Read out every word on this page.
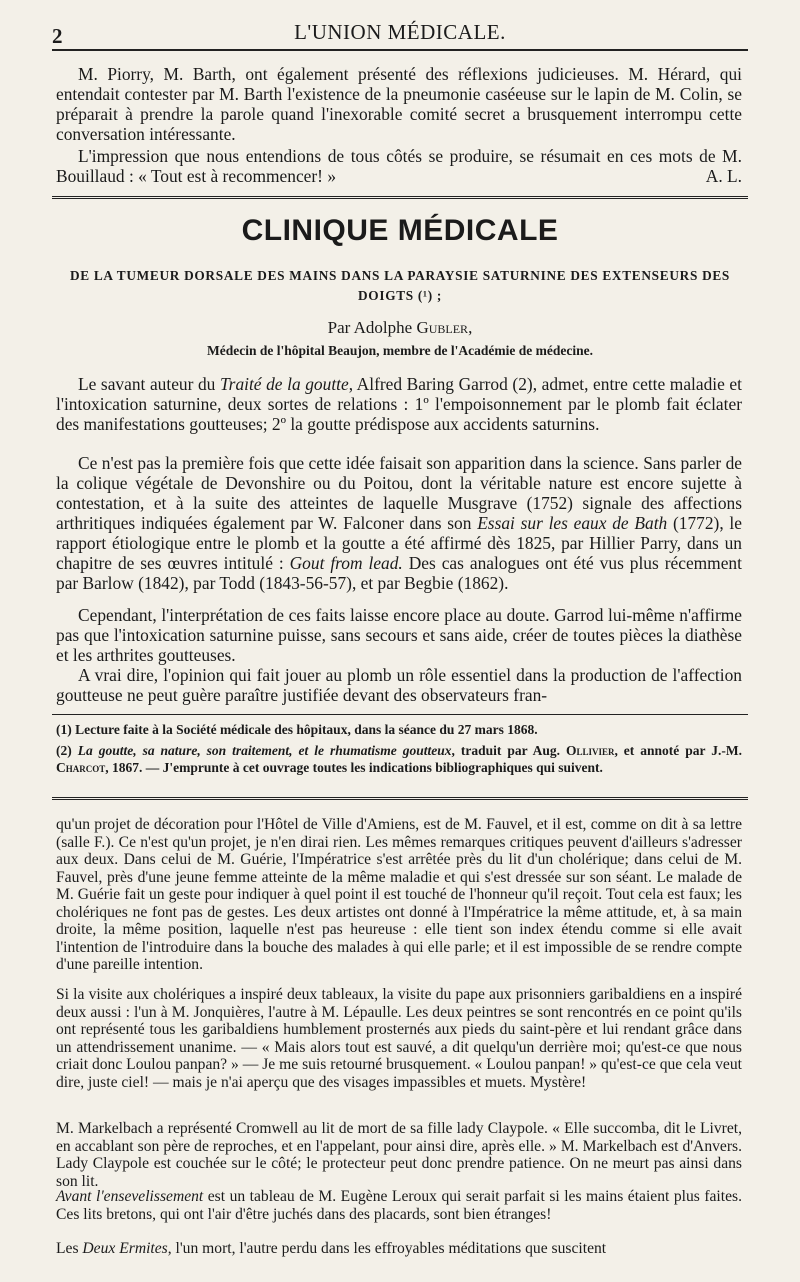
2	L'UNION MÉDICALE.

M. Piorry, M. Barth, ont également présenté des réflexions judicieuses. M. Hérard, qui entendait contester par M. Barth l'existence de la pneumonie caséeuse sur le lapin de M. Colin, se préparait à prendre la parole quand l'inexorable comité secret a brusquement interrompu cette conversation intéressante.

L'impression que nous entendions de tous côtés se produire, se résumait en ces mots de M. Bouillaud : « Tout est à recommencer! »	A. L.

CLINIQUE MÉDICALE
DE LA TUMEUR DORSALE DES MAINS DANS LA PARAYSIE SATURNINE DES EXTENSEURS DES DOIGTS (¹) ;
Par Adolphe Gubler,
Médecin de l'hôpital Beaujon, membre de l'Académie de médecine.

Le savant auteur du Traité de la goutte, Alfred Baring Garrod (2), admet, entre cette maladie et l'intoxication saturnine, deux sortes de relations : 1º l'empoisonnement par le plomb fait éclater des manifestations goutteuses; 2º la goutte prédispose aux accidents saturnins.

Ce n'est pas la première fois que cette idée faisait son apparition dans la science. Sans parler de la colique végétale de Devonshire ou du Poitou, dont la véritable nature est encore sujette à contestation, et à la suite des atteintes de laquelle Musgrave (1752) signale des affections arthritiques indiquées également par W. Falconer dans son Essai sur les eaux de Bath (1772), le rapport étiologique entre le plomb et la goutte a été affirmé dès 1825, par Hillier Parry, dans un chapitre de ses œuvres intitulé : Gout from lead. Des cas analogues ont été vus plus récemment par Barlow (1842), par Todd (1843-56-57), et par Begbie (1862).

Cependant, l'interprétation de ces faits laisse encore place au doute. Garrod lui-même n'affirme pas que l'intoxication saturnine puisse, sans secours et sans aide, créer de toutes pièces la diathèse et les arthrites goutteuses.

A vrai dire, l'opinion qui fait jouer au plomb un rôle essentiel dans la production de l'affection goutteuse ne peut guère paraître justifiée devant des observateurs fran-

(1) Lecture faite à la Société médicale des hôpitaux, dans la séance du 27 mars 1868.

(2) La goutte, sa nature, son traitement, et le rhumatisme goutteux, traduit par Aug. Ollivier, et annoté par J.-M. Charcot, 1867. — J'emprunte à cet ouvrage toutes les indications bibliographiques qui suivent.

qu'un projet de décoration pour l'Hôtel de Ville d'Amiens, est de M. Fauvel, et il est, comme on dit à sa lettre (salle F.). Ce n'est qu'un projet, je n'en dirai rien. Les mêmes remarques critiques peuvent d'ailleurs s'adresser aux deux. Dans celui de M. Guérie, l'Impératrice s'est arrêtée près du lit d'un cholérique; dans celui de M. Fauvel, près d'une jeune femme atteinte de la même maladie et qui s'est dressée sur son séant. Le malade de M. Guérie fait un geste pour indiquer à quel point il est touché de l'honneur qu'il reçoit. Tout cela est faux; les cholériques ne font pas de gestes. Les deux artistes ont donné à l'Impératrice la même attitude, et, à sa main droite, la même position, laquelle n'est pas heureuse : elle tient son index étendu comme si elle avait l'intention de l'introduire dans la bouche des malades à qui elle parle; et il est impossible de se rendre compte d'une pareille intention.

Si la visite aux cholériques a inspiré deux tableaux, la visite du pape aux prisonniers garibaldiens en a inspiré deux aussi : l'un à M. Jonquières, l'autre à M. Lépaulle. Les deux peintres se sont rencontrés en ce point qu'ils ont représenté tous les garibaldiens humblement prosternés aux pieds du saint-père et lui rendant grâce dans un attendrissement unanime. — « Mais alors tout est sauvé, a dit quelqu'un derrière moi; qu'est-ce que nous criait donc Loulou panpan? » — Je me suis retourné brusquement. « Loulou panpan! » qu'est-ce que cela veut dire, juste ciel! — mais je n'ai aperçu que des visages impassibles et muets. Mystère!

M. Markelbach a représenté Cromwell au lit de mort de sa fille lady Claypole. « Elle succomba, dit le Livret, en accablant son père de reproches, et en l'appelant, pour ainsi dire, après elle. » M. Markelbach est d'Anvers. Lady Claypole est couchée sur le côté; le protecteur peut donc prendre patience. On ne meurt pas ainsi dans son lit.

Avant l'ensevelissement est un tableau de M. Eugène Leroux qui serait parfait si les mains étaient plus faites. Ces lits bretons, qui ont l'air d'être juchés dans des placards, sont bien étranges!

Les Deux Ermites, l'un mort, l'autre perdu dans les effroyables méditations que suscitent
